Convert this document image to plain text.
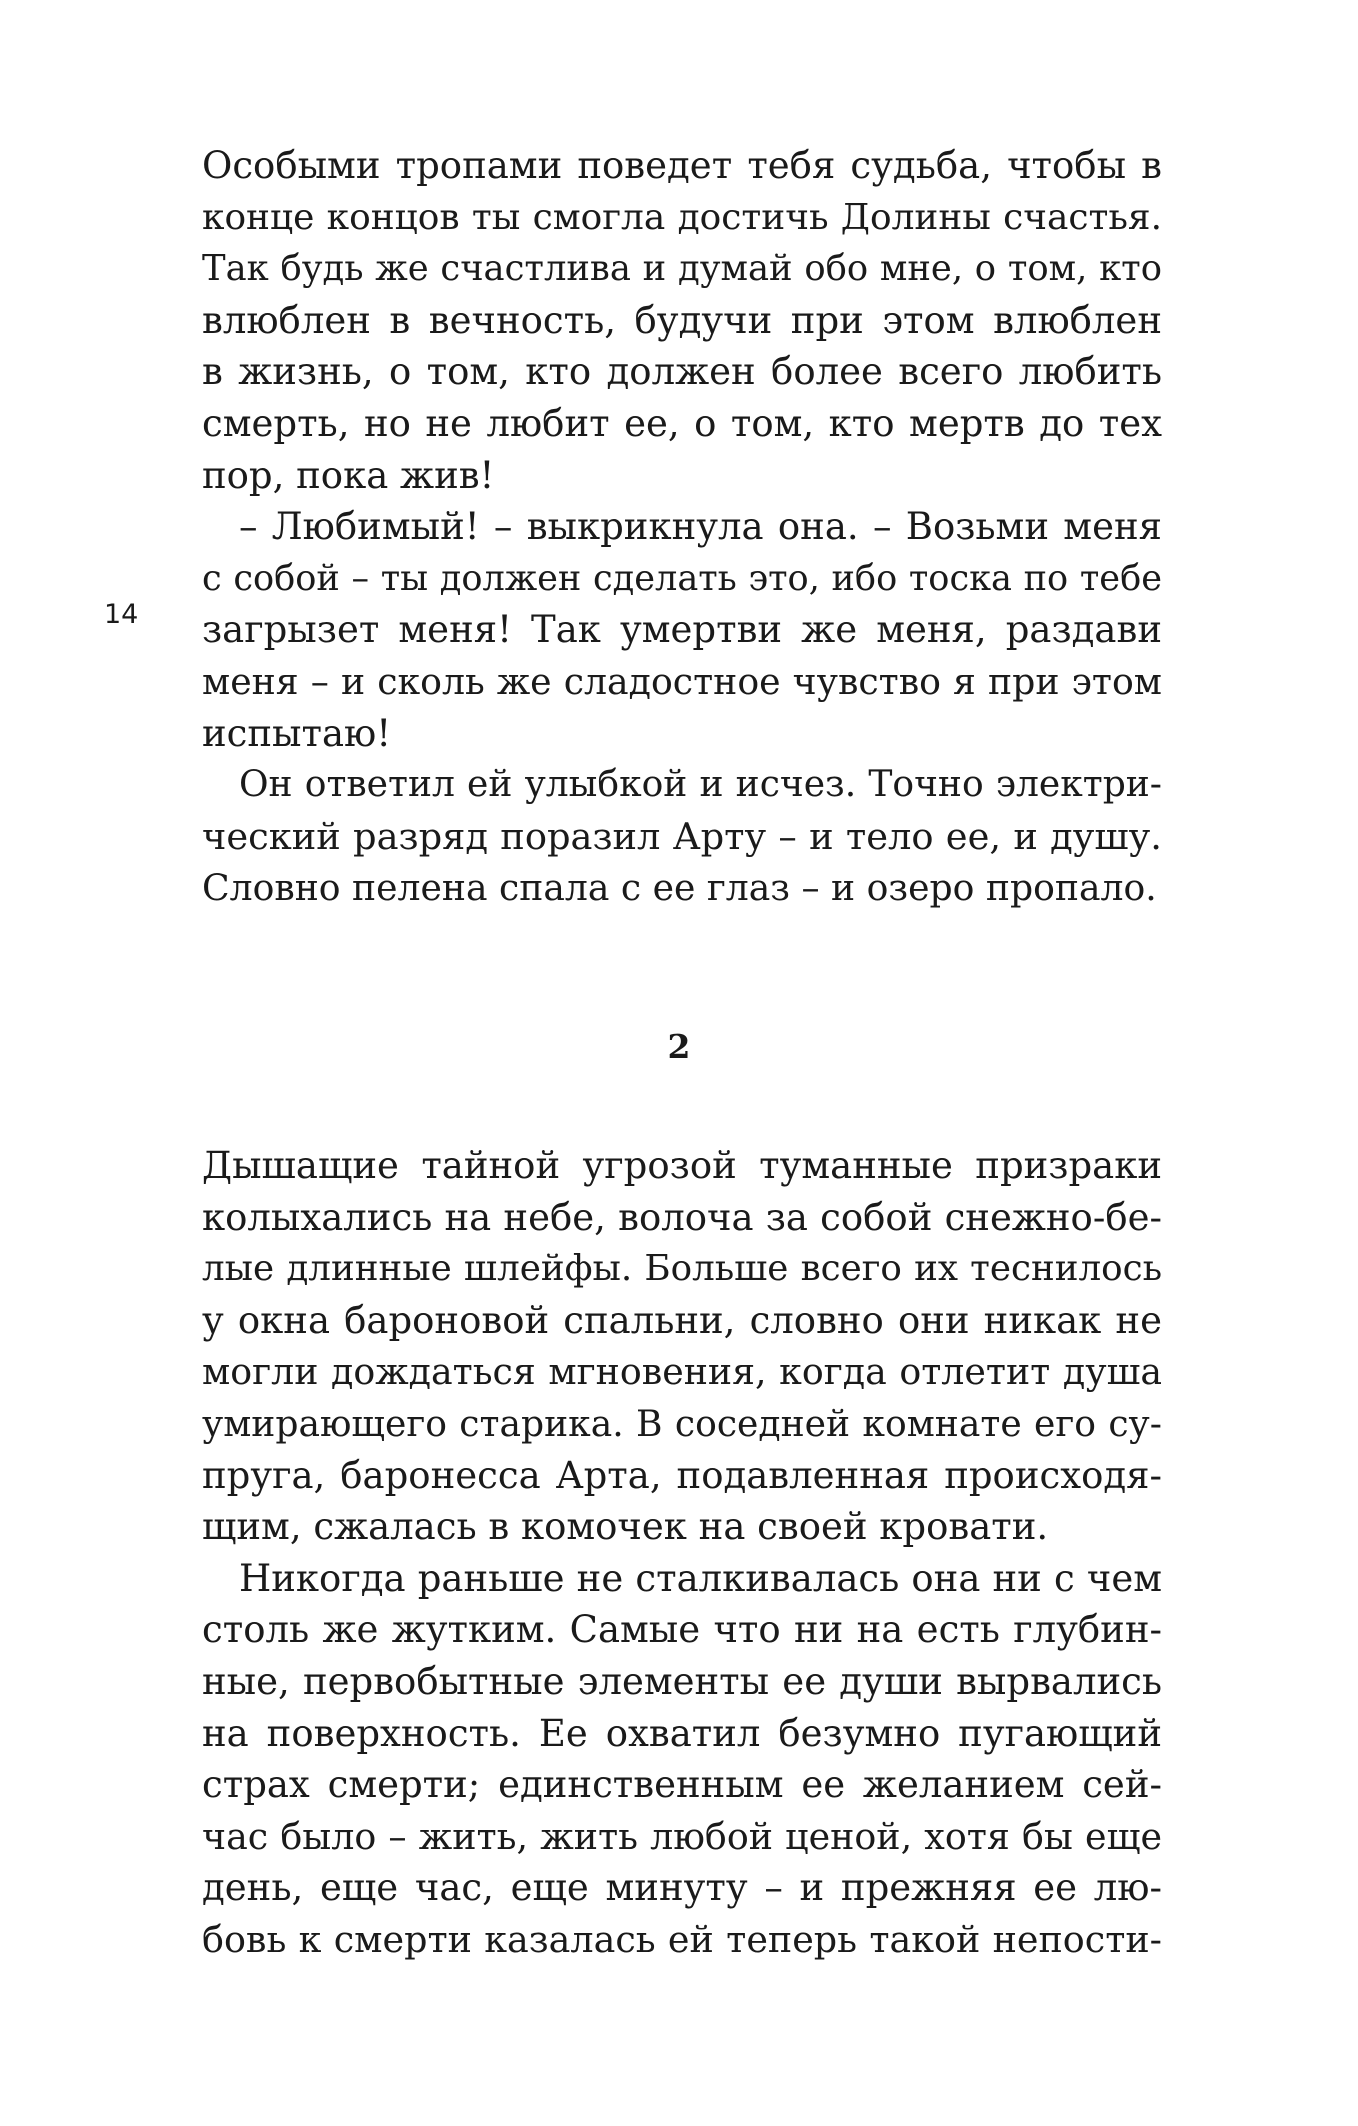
14
Особыми тропами поведет тебя судьба, чтобы в
конце концов ты смогла достичь Долины счастья.
Так будь же счастлива и думай обо мне, о том, кто
влюблен в вечность, будучи при этом влюблен
в жизнь, о том, кто должен более всего любить
смерть, но не любит ее, о том, кто мертв до тех
пор, пока жив!
– Любимый! – выкрикнула она. – Возьми меня
с собой – ты должен сделать это, ибо тоска по тебе
загрызет меня! Так умертви же меня, раздави
меня – и сколь же сладостное чувство я при этом
испытаю!
Он ответил ей улыбкой и исчез. Точно электри-
ческий разряд поразил Арту – и тело ее, и душу.
Словно пелена спала с ее глаз – и озеро пропало.
2
Дышащие тайной угрозой туманные призраки
колыхались на небе, волоча за собой снежно-бе-
лые длинные шлейфы. Больше всего их теснилось
у окна бароновой спальни, словно они никак не
могли дождаться мгновения, когда отлетит душа
умирающего старика. В соседней комнате его су-
пруга, баронесса Арта, подавленная происходя-
щим, сжалась в комочек на своей кровати.
Никогда раньше не сталкивалась она ни с чем
столь же жутким. Самые что ни на есть глубин-
ные, первобытные элементы ее души вырвались
на поверхность. Ее охватил безумно пугающий
страх смерти; единственным ее желанием сей-
час было – жить, жить любой ценой, хотя бы еще
день, еще час, еще минуту – и прежняя ее лю-
бовь к смерти казалась ей теперь такой непости-
